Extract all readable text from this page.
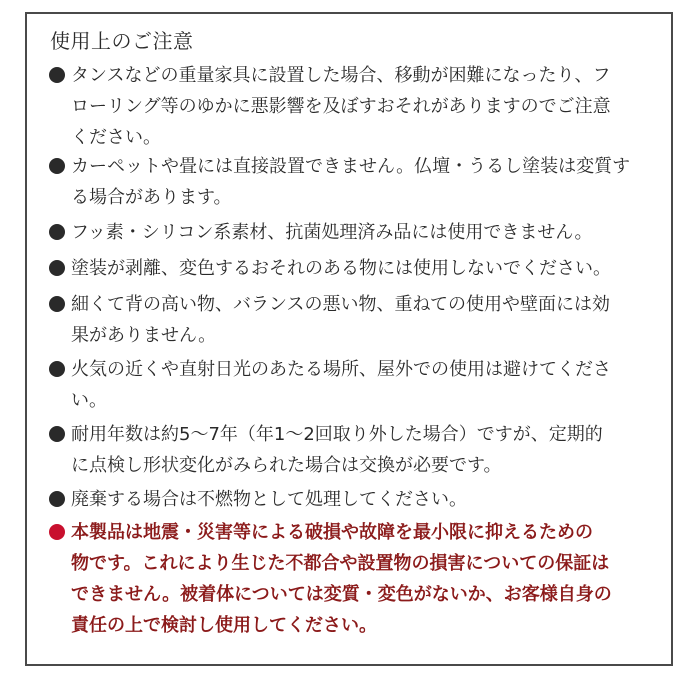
使用上のご注意
タンスなどの重量家具に設置した場合、移動が困難になったり、フ
ローリング等のゆかに悪影響を及ぼすおそれがありますのでご注意
ください。
カーペットや畳には直接設置できません。仏壇・うるし塗装は変質す
る場合があります。
フッ素・シリコン系素材、抗菌処理済み品には使用できません。
塗装が剥離、変色するおそれのある物には使用しないでください。
細くて背の高い物、バランスの悪い物、重ねての使用や壁面には効
果がありません。
火気の近くや直射日光のあたる場所、屋外での使用は避けてくださ
い。
耐用年数は約5～7年（年1～2回取り外した場合）ですが、定期的
に点検し形状変化がみられた場合は交換が必要です。
廃棄する場合は不燃物として処理してください。
本製品は地震・災害等による破損や故障を最小限に抑えるための
物です。これにより生じた不都合や設置物の損害についての保証は
できません。被着体については変質・変色がないか、お客様自身の
責任の上で検討し使用してください。
